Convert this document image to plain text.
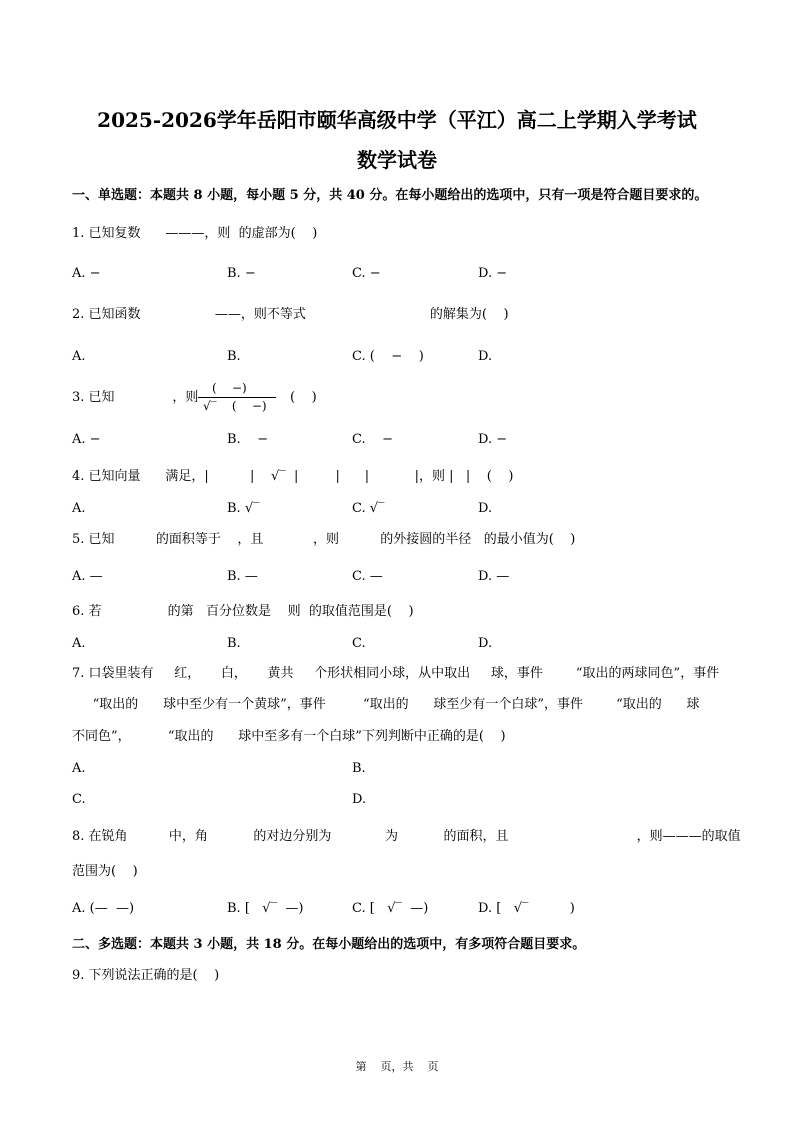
2025-2026学年岳阳市颐华高级中学（平江）高二上学期入学考试
数学试卷
一、单选题：本题共 8 小题，每小题 5 分，共 40 分。在每小题给出的选项中，只有一项是符合题目要求的。
1. 已知复数      ———，则  的虚部为(    )
A. −	B. −	C. −	D. −
2. 已知函数                  ——，则不等式                              的解集为(    )
A.	B.	C. (    −    )	D.
3. 已知              ，则
(    −)
√‾    (    −)
(    )
A. −	B.    −	C.    −	D. −
4. 已知向量      满足，|          |    √‾  |         |      |           |，则 |   |    (    )
A.	B. √‾	C. √‾	D.
5. 已知          的面积等于    ，且            ，则          的外接圆的半径   的最小值为(    )
A. —	B. —	C. —	D. —
6. 若                的第   百分位数是    则  的取值范围是(    )
A.	B.	C.	D.
7. 口袋里装有     红，     白，     黄共     个形状相同小球，从中取出     球，事件        “取出的两球同色”，事件
“取出的      球中至少有一个黄球”，事件         “取出的      球至少有一个白球”，事件        “取出的      球
不同色”，         “取出的      球中至多有一个白球”下列判断中正确的是(    )
A.	B.
C.	D.
8. 在锐角          中，角           的对边分别为             为           的面积，且                               ，则———的取值
范围为(    )
A. (—  —)	B. [   √‾  —)	C. [   √‾  —)	D. [   √‾          )
二、多选题：本题共 3 小题，共 18 分。在每小题给出的选项中，有多项符合题目要求。
9. 下列说法正确的是(    )
第    页，共    页
